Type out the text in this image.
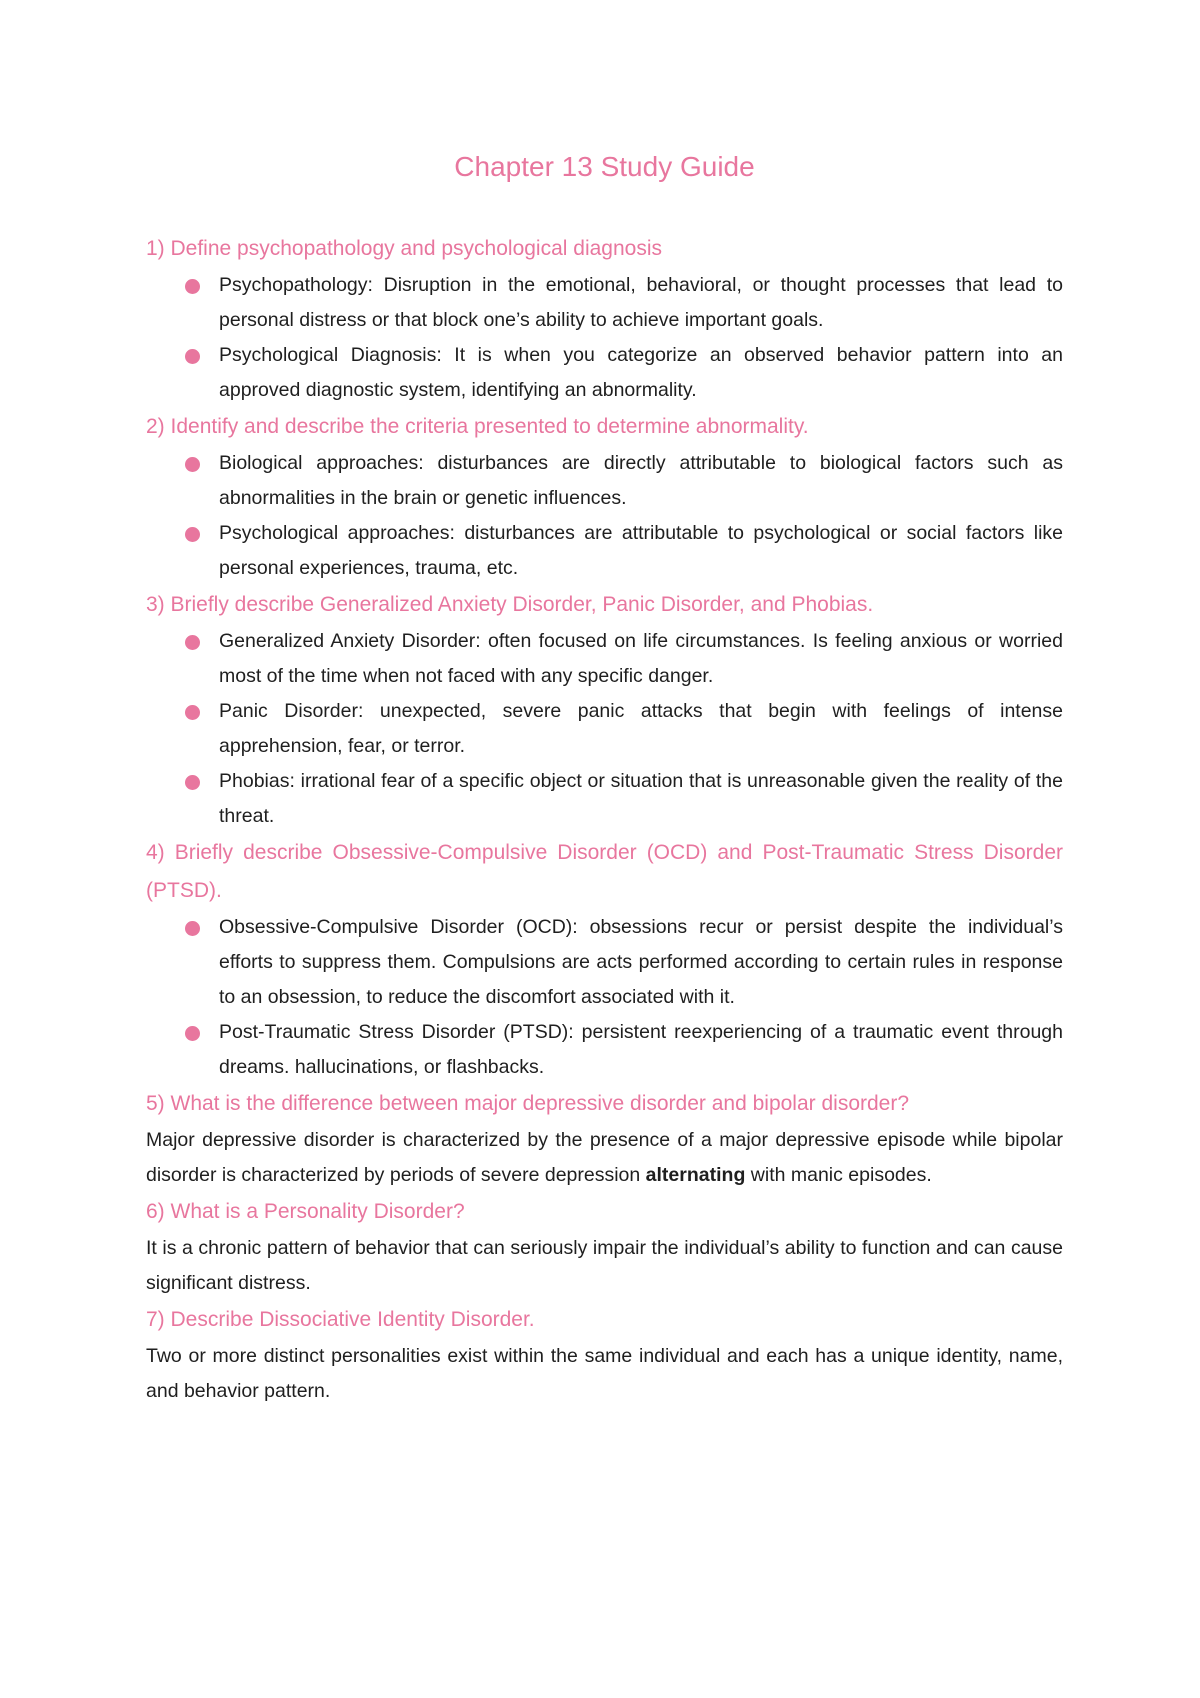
Chapter 13 Study Guide

1) Define psychopathology and psychological diagnosis

Psychopathology: Disruption in the emotional, behavioral, or thought processes that lead to personal distress or that block one’s ability to achieve important goals.
Psychological Diagnosis: It is when you categorize an observed behavior pattern into an approved diagnostic system, identifying an abnormality.

2) Identify and describe the criteria presented to determine abnormality.

Biological approaches: disturbances are directly attributable to biological factors such as abnormalities in the brain or genetic influences.
Psychological approaches: disturbances are attributable to psychological or social factors like personal experiences, trauma, etc.

3) Briefly describe Generalized Anxiety Disorder, Panic Disorder, and Phobias.

Generalized Anxiety Disorder: often focused on life circumstances. Is feeling anxious or worried most of the time when not faced with any specific danger.
Panic Disorder: unexpected, severe panic attacks that begin with feelings of intense apprehension, fear, or terror.
Phobias: irrational fear of a specific object or situation that is unreasonable given the reality of the threat.

4) Briefly describe Obsessive-Compulsive Disorder (OCD) and Post-Traumatic Stress Disorder (PTSD).

Obsessive-Compulsive Disorder (OCD): obsessions recur or persist despite the individual’s efforts to suppress them. Compulsions are acts performed according to certain rules in response to an obsession, to reduce the discomfort associated with it.
Post-Traumatic Stress Disorder (PTSD): persistent reexperiencing of a traumatic event through dreams. hallucinations, or flashbacks.

5) What is the difference between major depressive disorder and bipolar disorder?

Major depressive disorder is characterized by the presence of a major depressive episode while bipolar disorder is characterized by periods of severe depression alternating with manic episodes.

6) What is a Personality Disorder?

It is a chronic pattern of behavior that can seriously impair the individual’s ability to function and can cause significant distress.

7) Describe Dissociative Identity Disorder.

Two or more distinct personalities exist within the same individual and each has a unique identity, name, and behavior pattern.
